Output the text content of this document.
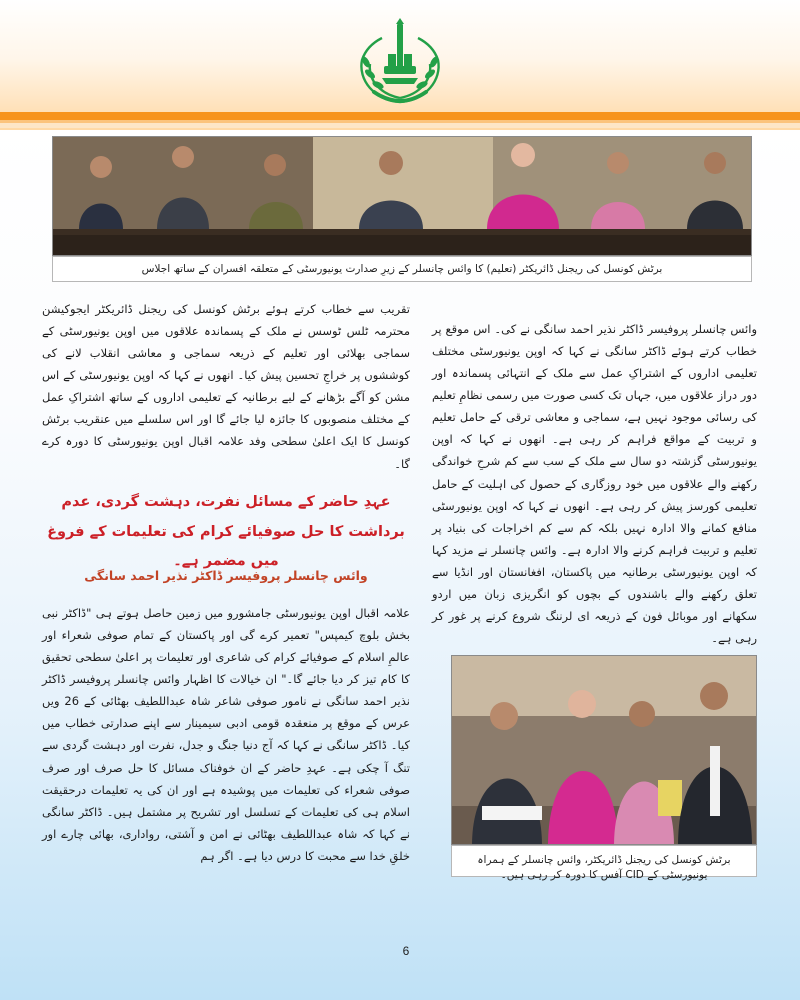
برٹش کونسل کی ریجنل ڈائریکٹر (تعلیم) کا وائس چانسلر کے زیرِ صدارت یونیورسٹی کے متعلقہ افسران کے ساتھ اجلاس

تقریب سے خطاب کرتے ہوئے برٹش کونسل کی ریجنل ڈائریکٹر ایجوکیشن محترمہ ٹلس ٹوسس نے ملک کے پسماندہ علاقوں میں اوپن یونیورسٹی کے سماجی بھلائی اور تعلیم کے ذریعہ سماجی و معاشی انقلاب لانے کی کوششوں پر خراجِ تحسین پیش کیا۔ انھوں نے کہا کہ اوپن یونیورسٹی کے اس مشن کو آگے بڑھانے کے لیے برطانیہ کے تعلیمی اداروں کے ساتھ اشتراکِ عمل کے مختلف منصوبوں کا جائزہ لیا جائے گا اور اس سلسلے میں عنقریب برٹش کونسل کا ایک اعلیٰ سطحی وفد علامہ اقبال اوپن یونیورسٹی کا دورہ کرے گا۔

عہدِ حاضر کے مسائل نفرت، دہشت گردی، عدم برداشت کا حل صوفیائے کرام کی تعلیمات کے فروغ میں مضمر ہے۔
وائس چانسلر پروفیسر ڈاکٹر نذیر احمد سانگی

علامہ اقبال اوپن یونیورسٹی جامشورو میں زمین حاصل ہوتے ہی "ڈاکٹر نبی بخش بلوچ کیمپس" تعمیر کرے گی اور پاکستان کے تمام صوفی شعراء اور عالمِ اسلام کے صوفیائے کرام کی شاعری اور تعلیمات پر اعلیٰ سطحی تحقیق کا کام تیز کر دیا جائے گا۔" ان خیالات کا اظہار وائس چانسلر پروفیسر ڈاکٹر نذیر احمد سانگی نے نامور صوفی شاعر شاہ عبداللطیف بھٹائی کے 26 ویں عرس کے موقع پر منعقدہ قومی ادبی سیمینار سے اپنے صدارتی خطاب میں کیا۔ ڈاکٹر سانگی نے کہا کہ آج دنیا جنگ و جدل، نفرت اور دہشت گردی سے تنگ آ چکی ہے۔ عہدِ حاضر کے ان خوفناک مسائل کا حل صرف اور صرف صوفی شعراء کی تعلیمات میں پوشیدہ ہے اور ان کی یہ تعلیمات درحقیقت اسلام ہی کی تعلیمات کے تسلسل اور تشریح پر مشتمل ہیں۔ ڈاکٹر سانگی نے کہا کہ شاہ عبداللطیف بھٹائی نے امن و آشتی، رواداری، بھائی چارے اور خلقِ خدا سے محبت کا درس دیا ہے۔ اگر ہم

وائس چانسلر پروفیسر ڈاکٹر نذیر احمد سانگی نے کی۔ اس موقع پر خطاب کرتے ہوئے ڈاکٹر سانگی نے کہا کہ اوپن یونیورسٹی مختلف تعلیمی اداروں کے اشتراکِ عمل سے ملک کے انتہائی پسماندہ اور دور دراز علاقوں میں، جہاں تک کسی صورت میں رسمی نظامِ تعلیم کی رسائی موجود نہیں ہے، سماجی و معاشی ترقی کے حامل تعلیم و تربیت کے مواقع فراہم کر رہی ہے۔ انھوں نے کہا کہ اوپن یونیورسٹی گزشتہ دو سال سے ملک کے سب سے کم شرحِ خواندگی رکھنے والے علاقوں میں خود روزگاری کے حصول کی اہلیت کے حامل تعلیمی کورسز پیش کر رہی ہے۔ انھوں نے کہا کہ اوپن یونیورسٹی منافع کمانے والا ادارہ نہیں بلکہ کم سے کم اخراجات کی بنیاد پر تعلیم و تربیت فراہم کرنے والا ادارہ ہے۔ وائس چانسلر نے مزید کہا کہ اوپن یونیورسٹی برطانیہ میں پاکستان، افغانستان اور انڈیا سے تعلق رکھنے والے باشندوں کے بچوں کو انگریزی زبان میں اردو سکھانے اور موبائل فون کے ذریعہ ای لرننگ شروع کرنے پر غور کر رہی ہے۔

برٹش کونسل کی ریجنل ڈائریکٹر، وائس چانسلر کے ہمراہ یونیورسٹی کے CID آفس کا دورہ کر رہی ہیں۔
6
